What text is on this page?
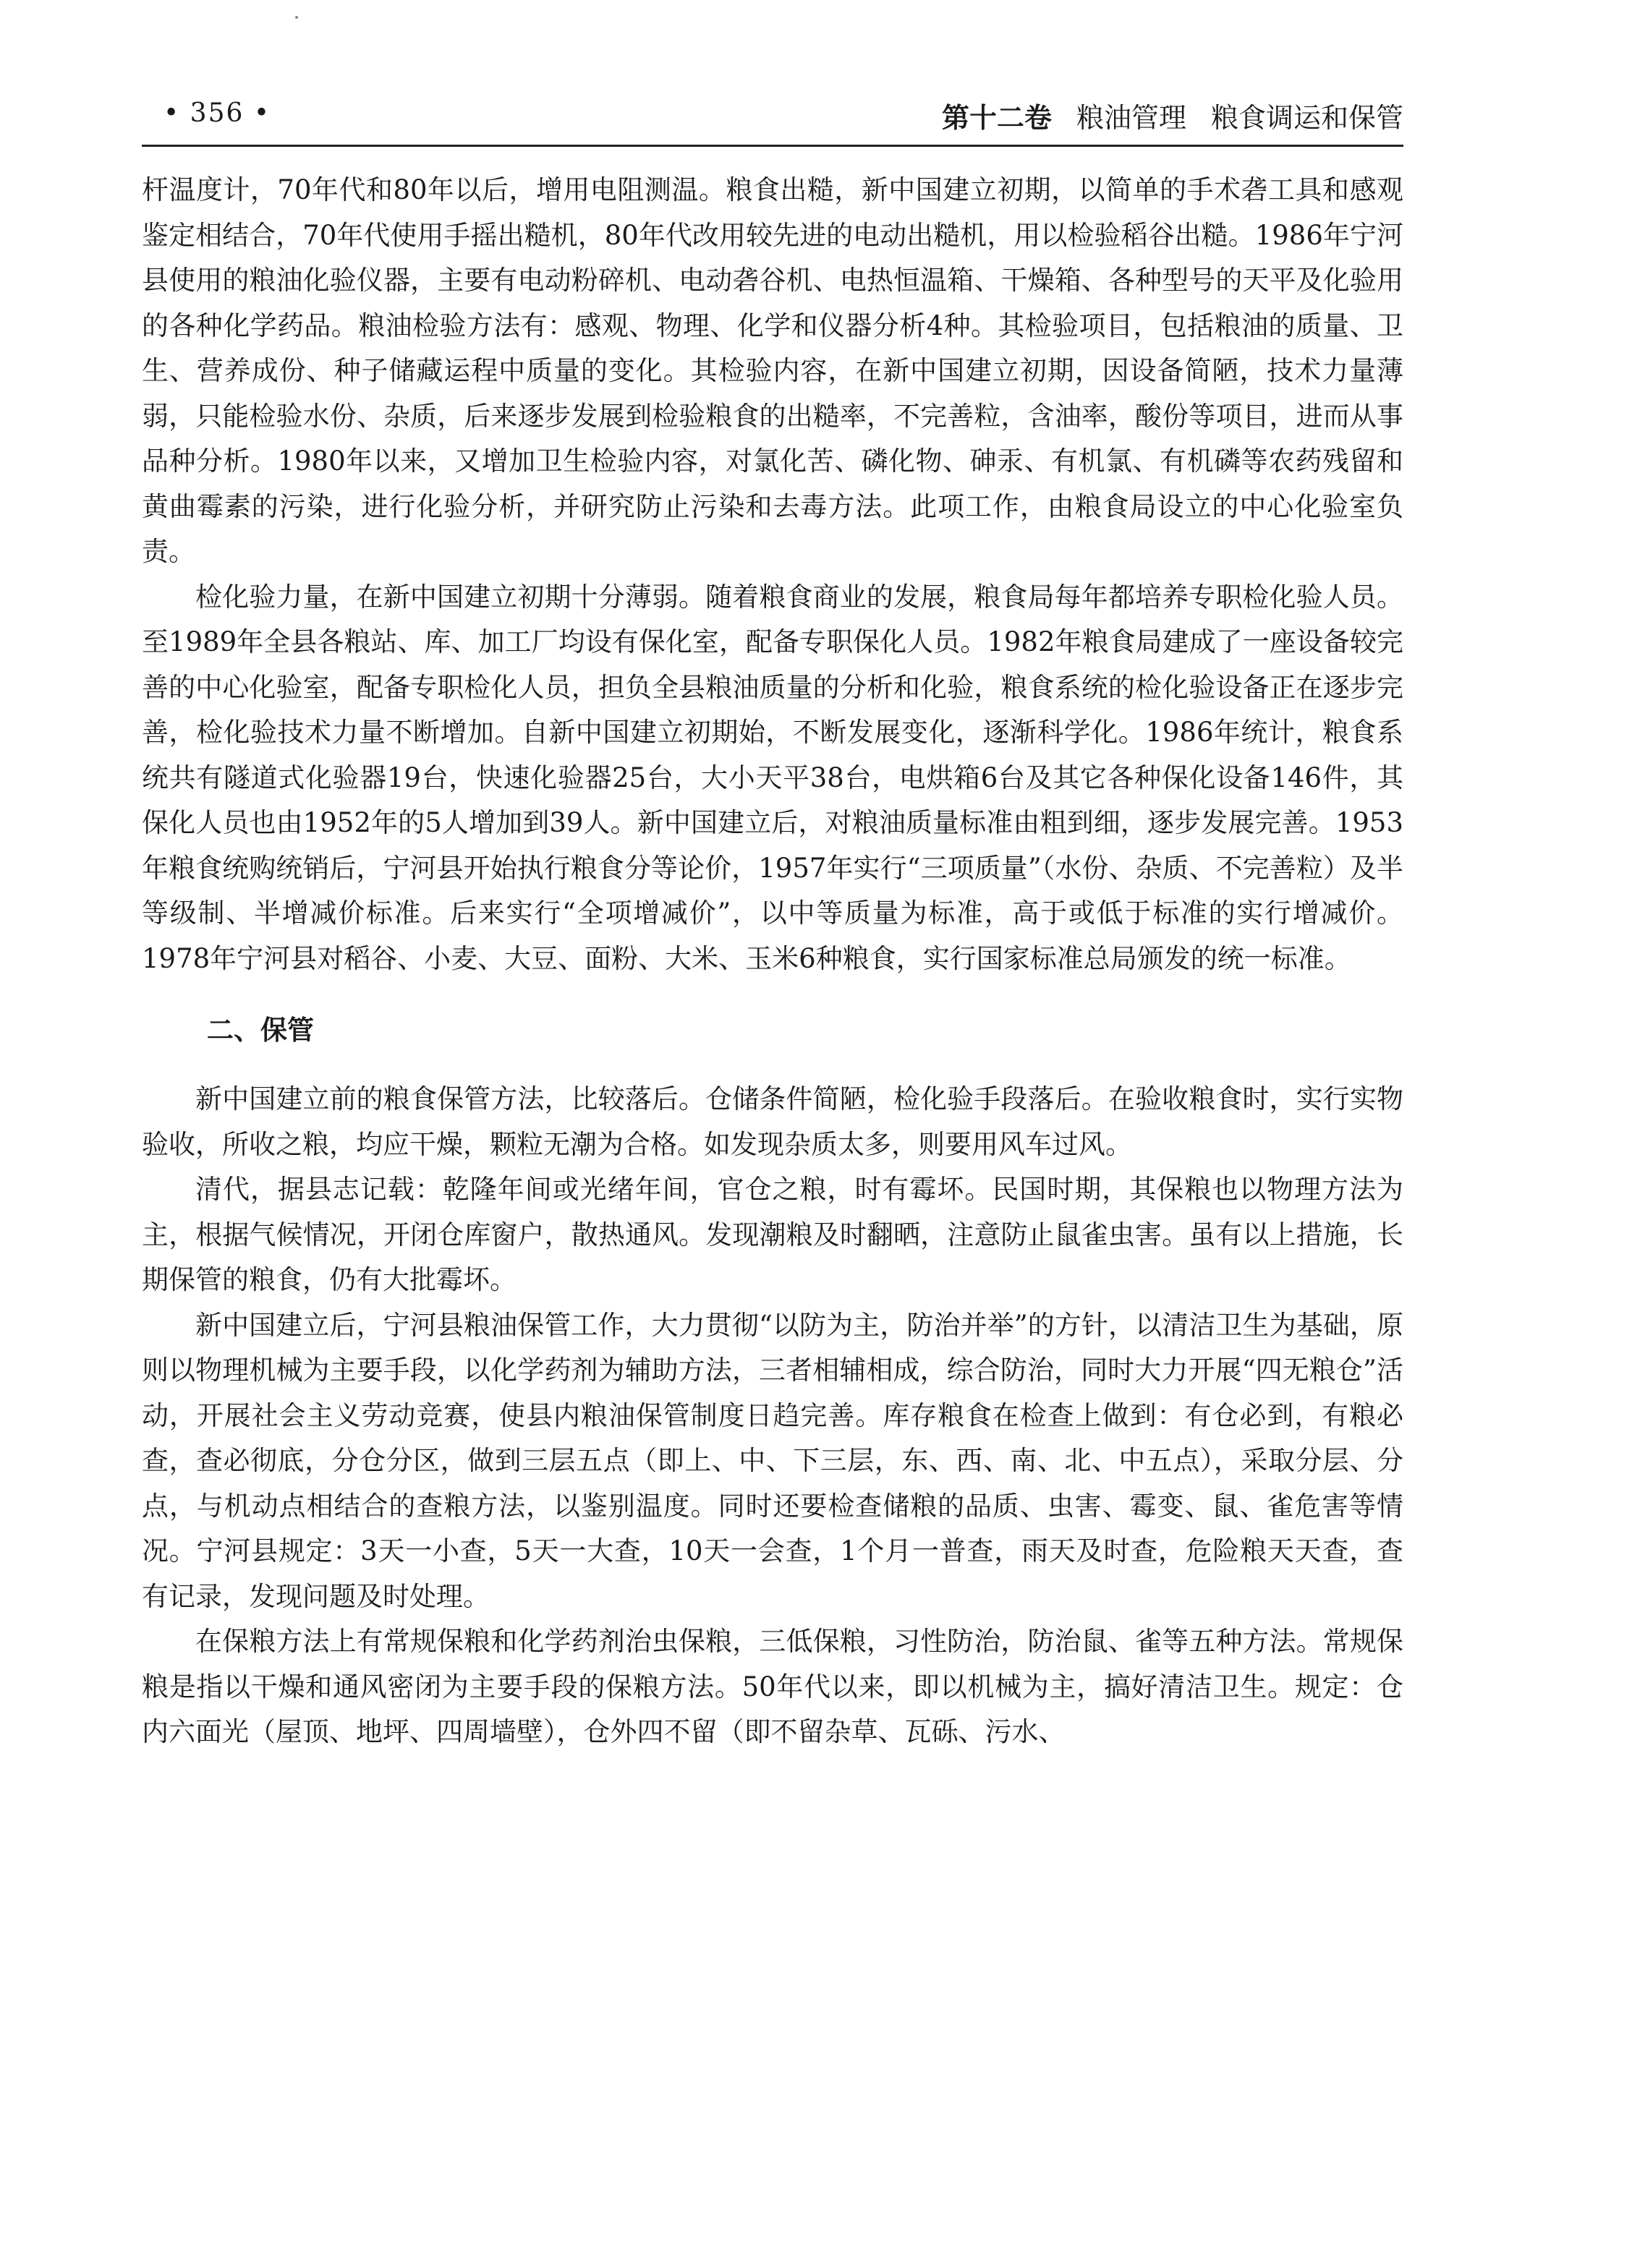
• 356 •	第十二卷 粮油管理 粮食调运和保管

杆温度计，70年代和80年以后，增用电阻测温。粮食出糙，新中国建立初期，以简单的手术砻工具和感观鉴定相结合，70年代使用手摇出糙机，80年代改用较先进的电动出糙机，用以检验稻谷出糙。1986年宁河县使用的粮油化验仪器，主要有电动粉碎机、电动砻谷机、电热恒温箱、干燥箱、各种型号的天平及化验用的各种化学药品。粮油检验方法有：感观、物理、化学和仪器分析4种。其检验项目，包括粮油的质量、卫生、营养成份、种子储藏运程中质量的变化。其检验内容，在新中国建立初期，因设备简陋，技术力量薄弱，只能检验水份、杂质，后来逐步发展到检验粮食的出糙率，不完善粒，含油率，酸份等项目，进而从事品种分析。1980年以来，又增加卫生检验内容，对氯化苦、磷化物、砷汞、有机氯、有机磷等农药残留和黄曲霉素的污染，进行化验分析，并研究防止污染和去毒方法。此项工作，由粮食局设立的中心化验室负责。

检化验力量，在新中国建立初期十分薄弱。随着粮食商业的发展，粮食局每年都培养专职检化验人员。至1989年全县各粮站、库、加工厂均设有保化室，配备专职保化人员。1982年粮食局建成了一座设备较完善的中心化验室，配备专职检化人员，担负全县粮油质量的分析和化验，粮食系统的检化验设备正在逐步完善，检化验技术力量不断增加。自新中国建立初期始，不断发展变化，逐渐科学化。1986年统计，粮食系统共有隧道式化验器19台，快速化验器25台，大小天平38台，电烘箱6台及其它各种保化设备146件，其保化人员也由1952年的5人增加到39人。新中国建立后，对粮油质量标准由粗到细，逐步发展完善。1953年粮食统购统销后，宁河县开始执行粮食分等论价，1957年实行“三项质量”（水份、杂质、不完善粒）及半等级制、半增减价标准。后来实行“全项增减价”，以中等质量为标准，高于或低于标准的实行增减价。1978年宁河县对稻谷、小麦、大豆、面粉、大米、玉米6种粮食，实行国家标准总局颁发的统一标准。

二、保管

新中国建立前的粮食保管方法，比较落后。仓储条件简陋，检化验手段落后。在验收粮食时，实行实物验收，所收之粮，均应干燥，颗粒无潮为合格。如发现杂质太多，则要用风车过风。

清代，据县志记载：乾隆年间或光绪年间，官仓之粮，时有霉坏。民国时期，其保粮也以物理方法为主，根据气候情况，开闭仓库窗户，散热通风。发现潮粮及时翻晒，注意防止鼠雀虫害。虽有以上措施，长期保管的粮食，仍有大批霉坏。

新中国建立后，宁河县粮油保管工作，大力贯彻“以防为主，防治并举”的方针，以清洁卫生为基础，原则以物理机械为主要手段，以化学药剂为辅助方法，三者相辅相成，综合防治，同时大力开展“四无粮仓”活动，开展社会主义劳动竞赛，使县内粮油保管制度日趋完善。库存粮食在检查上做到：有仓必到，有粮必查，查必彻底，分仓分区，做到三层五点（即上、中、下三层，东、西、南、北、中五点），采取分层、分点，与机动点相结合的查粮方法，以鉴别温度。同时还要检查储粮的品质、虫害、霉变、鼠、雀危害等情况。宁河县规定：3天一小查，5天一大查，10天一会查，1个月一普查，雨天及时查，危险粮天天查，查有记录，发现问题及时处理。

在保粮方法上有常规保粮和化学药剂治虫保粮，三低保粮，习性防治，防治鼠、雀等五种方法。常规保粮是指以干燥和通风密闭为主要手段的保粮方法。50年代以来，即以机械为主，搞好清洁卫生。规定：仓内六面光（屋顶、地坪、四周墙壁），仓外四不留（即不留杂草、瓦砾、污水、
